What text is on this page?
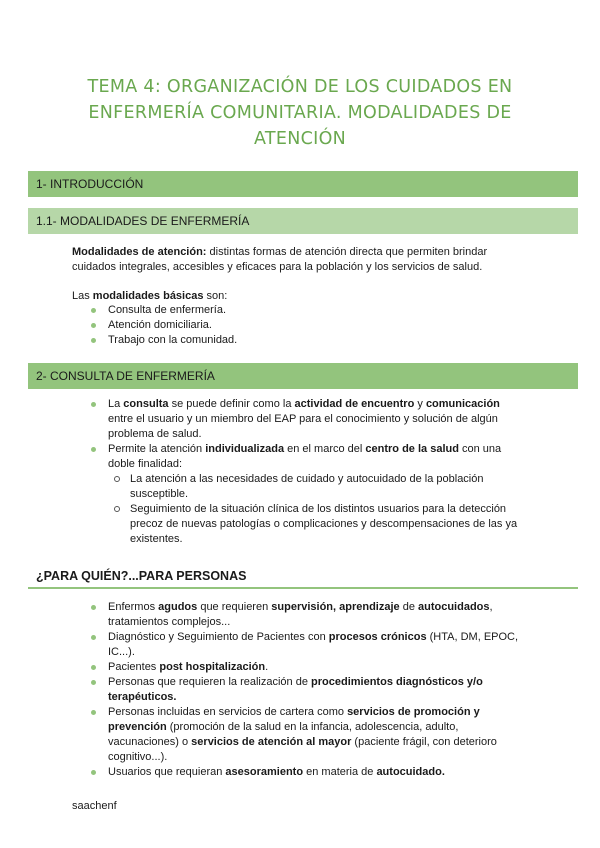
TEMA 4: ORGANIZACIÓN DE LOS CUIDADOS EN ENFERMERÍA COMUNITARIA. MODALIDADES DE ATENCIÓN
1- INTRODUCCIÓN
1.1- MODALIDADES DE ENFERMERÍA
Modalidades de atención: distintas formas de atención directa que permiten brindar cuidados integrales, accesibles y eficaces para la población y los servicios de salud.
Las modalidades básicas son:
Consulta de enfermería.
Atención domiciliaria.
Trabajo con la comunidad.
2- CONSULTA DE ENFERMERÍA
La consulta se puede definir como la actividad de encuentro y comunicación entre el usuario y un miembro del EAP para el conocimiento y solución de algún problema de salud.
Permite la atención individualizada en el marco del centro de la salud con una doble finalidad:
La atención a las necesidades de cuidado y autocuidado de la población susceptible.
Seguimiento de la situación clínica de los distintos usuarios para la detección precoz de nuevas patologías o complicaciones y descompensaciones de las ya existentes.
¿PARA QUIÉN?...PARA PERSONAS
Enfermos agudos que requieren supervisión, aprendizaje de autocuidados, tratamientos complejos...
Diagnóstico y Seguimiento de Pacientes con procesos crónicos (HTA, DM, EPOC, IC...).
Pacientes post hospitalización.
Personas que requieren la realización de procedimientos diagnósticos y/o terapéuticos.
Personas incluidas en servicios de cartera como servicios de promoción y prevención (promoción de la salud en la infancia, adolescencia, adulto, vacunaciones) o servicios de atención al mayor (paciente frágil, con deterioro cognitivo...).
Usuarios que requieran asesoramiento en materia de autocuidado.
saachenf
